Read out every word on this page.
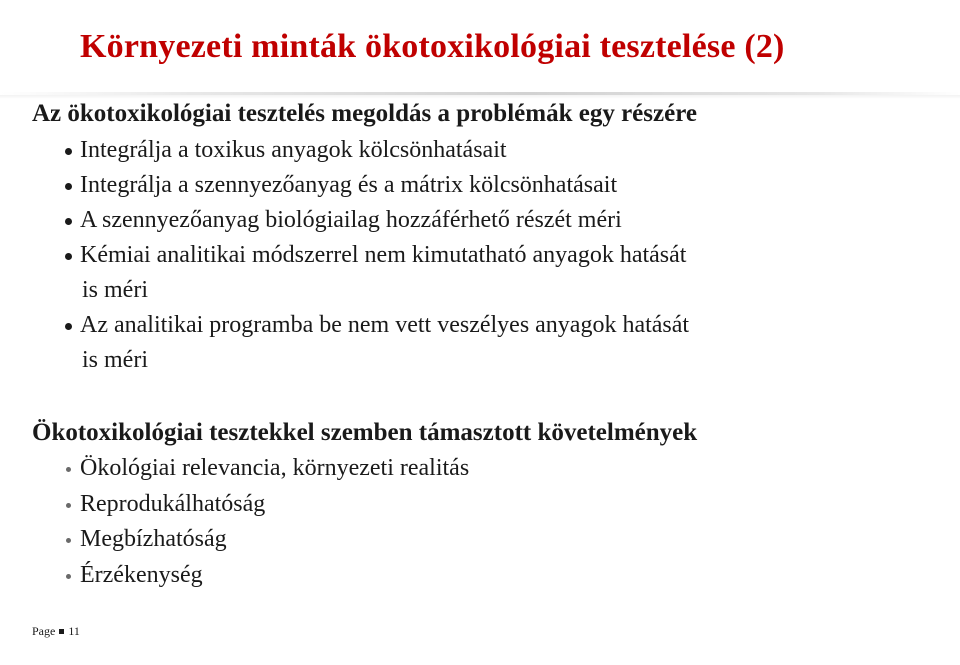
Környezeti minták ökotoxikológiai tesztelése (2)
Az ökotoxikológiai tesztelés megoldás a problémák egy részére
Integrálja a toxikus anyagok kölcsönhatásait
Integrálja a szennyezőanyag és a mátrix kölcsönhatásait
A szennyezőanyag biológiailag hozzáférhető részét méri
Kémiai analitikai módszerrel nem kimutatható anyagok hatását
is méri
Az analitikai programba be nem vett veszélyes anyagok hatását
is méri
Ökotoxikológiai tesztekkel szemben támasztott követelmények
Ökológiai relevancia, környezeti realitás
Reprodukálhatóság
Megbízhatóság
Érzékenység
Page 11
